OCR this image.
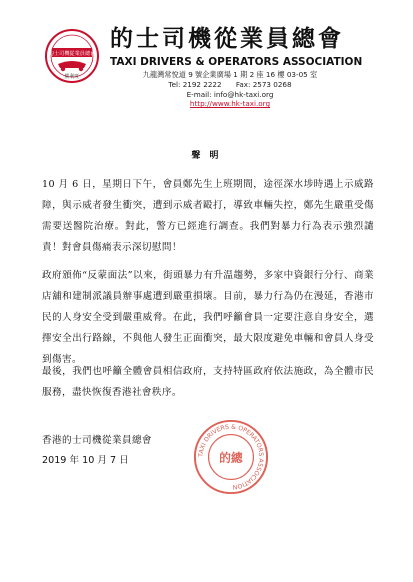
的士司機從業員總會
勝利旺
的士司機從業員總會
TAXI DRIVERS & OPERATORS ASSOCIATION
九龍灣常悅道 9 號企業廣場 1 期 2 座 16 樓 03-05 室
Tel: 2192 2222 Fax: 2573 0268
E-mail: info@hk-taxi.org
http://www.hk-taxi.org
聲 明

10 月 6 日，星期日下午，會員鄭先生上班期間，途徑深水埗時遇上示威路障，與示威者發生衝突，遭到示威者毆打，導致車輛失控，鄭先生嚴重受傷需要送醫院治療。對此，警方已經進行調查。我們對暴力行為表示強烈譴責！對會員傷痛表示深切慰問！

政府頒佈“反蒙面法”以來，街頭暴力有升温趨勢，多家中資銀行分行、商業店舖和建制派議員辦事處遭到嚴重損壞。目前，暴力行為仍在漫延，香港市民的人身安全受到嚴重威脅。在此，我們呼籲會員一定要注意自身安全，選擇安全出行路線，不與他人發生正面衝突，最大限度避免車輛和會員人身受到傷害。

最後，我們也呼籲全體會員相信政府，支持特區政府依法施政，為全體市民服務，盡快恢復香港社會秩序。

香港的士司機從業員總會
2019 年 10 月 7 日	TAXI DRIVERS & OPERATORS ASSOCIATION
的總
